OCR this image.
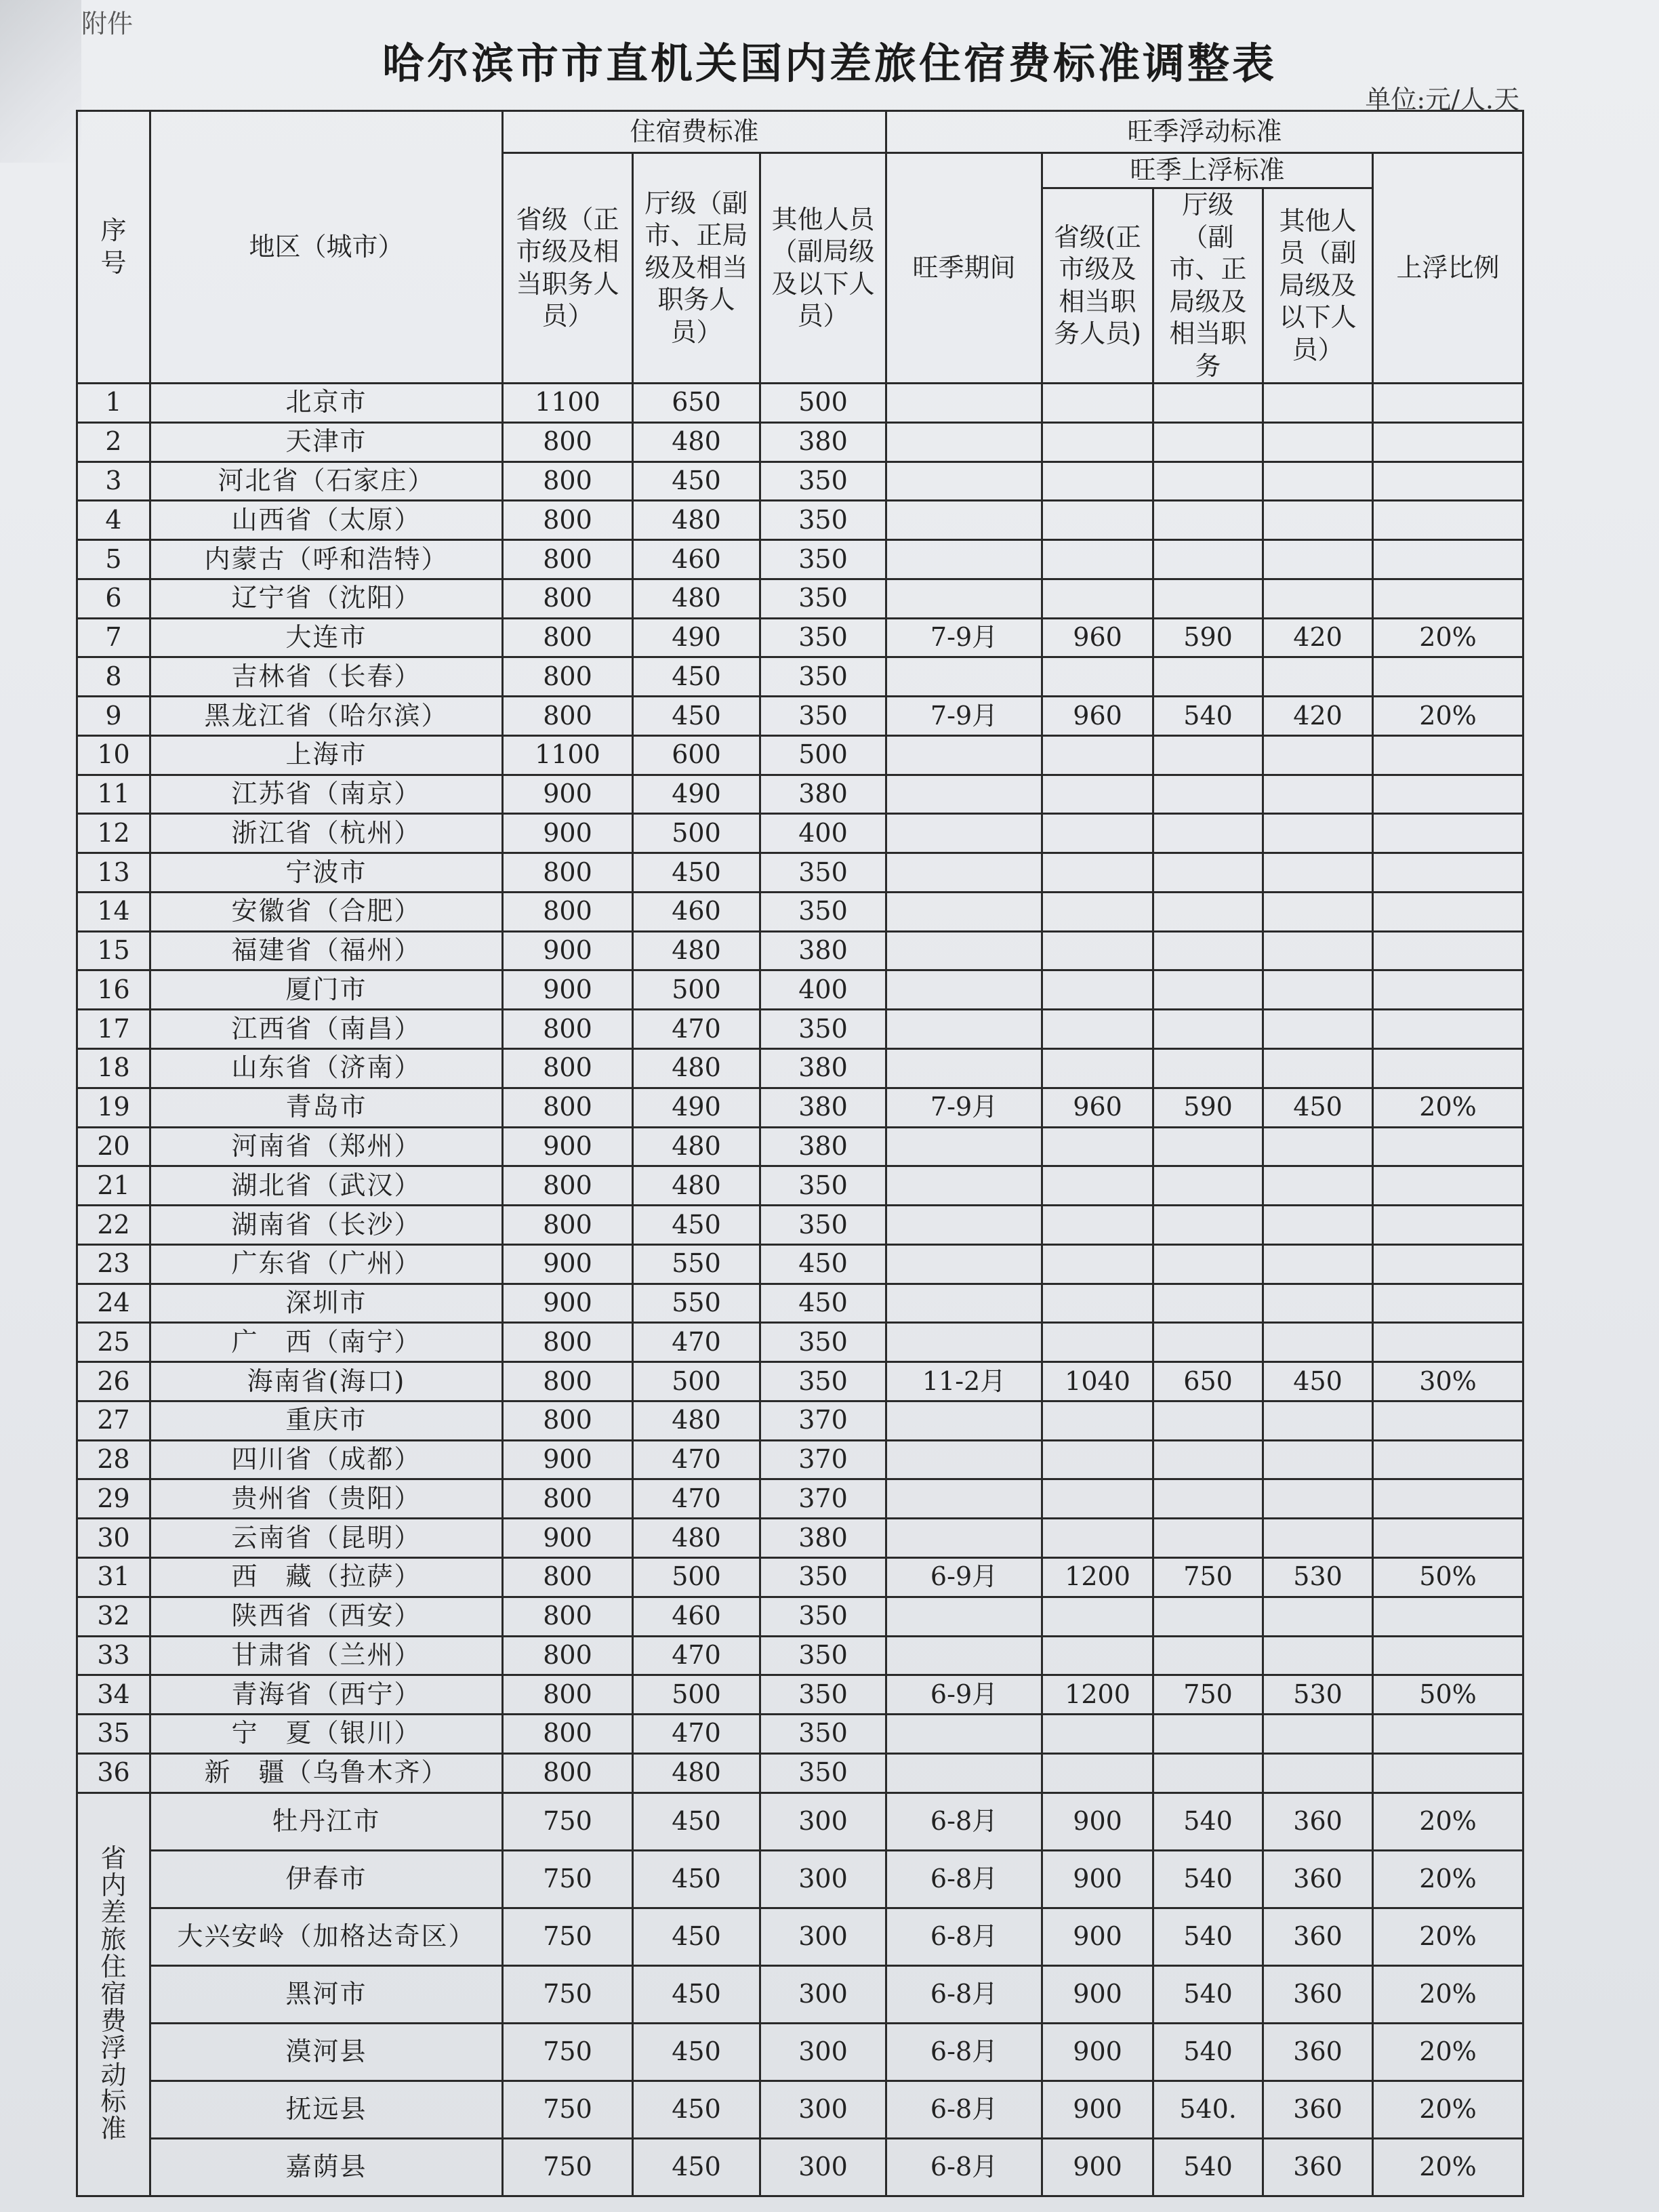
附件
哈尔滨市市直机关国内差旅住宿费标准调整表
单位:元/人.天
序号	地区（城市）	住宿费标准			旺季浮动标准				
		省级（正市级及相当职务人员）	厅级（副市、正局级及相当职务人员）	其他人员（副局级及以下人员）	旺季期间	旺季上浮标准			上浮比例
						省级(正市级及相当职务人员)	厅级（副市、正局级及相当职务	其他人员（副局级及以下人员）	
1	北京市	1100	650	500					
2	天津市	800	480	380					
3	河北省（石家庄）	800	450	350					
4	山西省（太原）	800	480	350					
5	内蒙古（呼和浩特）	800	460	350					
6	辽宁省（沈阳）	800	480	350					
7	大连市	800	490	350	7-9月	960	590	420	20%
8	吉林省（长春）	800	450	350					
9	黑龙江省（哈尔滨）	800	450	350	7-9月	960	540	420	20%
10	上海市	1100	600	500					
11	江苏省（南京）	900	490	380					
12	浙江省（杭州）	900	500	400					
13	宁波市	800	450	350					
14	安徽省（合肥）	800	460	350					
15	福建省（福州）	900	480	380					
16	厦门市	900	500	400					
17	江西省（南昌）	800	470	350					
18	山东省（济南）	800	480	380					
19	青岛市	800	490	380	7-9月	960	590	450	20%
20	河南省（郑州）	900	480	380					
21	湖北省（武汉）	800	480	350					
22	湖南省（长沙）	800	450	350					
23	广东省（广州）	900	550	450					
24	深圳市	900	550	450					
25	广　西（南宁）	800	470	350					
26	海南省(海口)	800	500	350	11-2月	1040	650	450	30%
27	重庆市	800	480	370					
28	四川省（成都）	900	470	370					
29	贵州省（贵阳）	800	470	370					
30	云南省（昆明）	900	480	380					
31	西　藏（拉萨）	800	500	350	6-9月	1200	750	530	50%
32	陕西省（西安）	800	460	350					
33	甘肃省（兰州）	800	470	350					
34	青海省（西宁）	800	500	350	6-9月	1200	750	530	50%
35	宁　夏（银川）	800	470	350					
36	新　疆（乌鲁木齐）	800	480	350					

省内差旅住宿费浮动标准	牡丹江市	750	450	300	6-8月	900	540	360	20%
	伊春市	750	450	300	6-8月	900	540	360	20%
	大兴安岭（加格达奇区）	750	450	300	6-8月	900	540	360	20%
	黑河市	750	450	300	6-8月	900	540	360	20%
	漠河县	750	450	300	6-8月	900	540	360	20%
	抚远县	750	450	300	6-8月	900	540.	360	20%
	嘉荫县	750	450	300	6-8月	900	540	360	20%
